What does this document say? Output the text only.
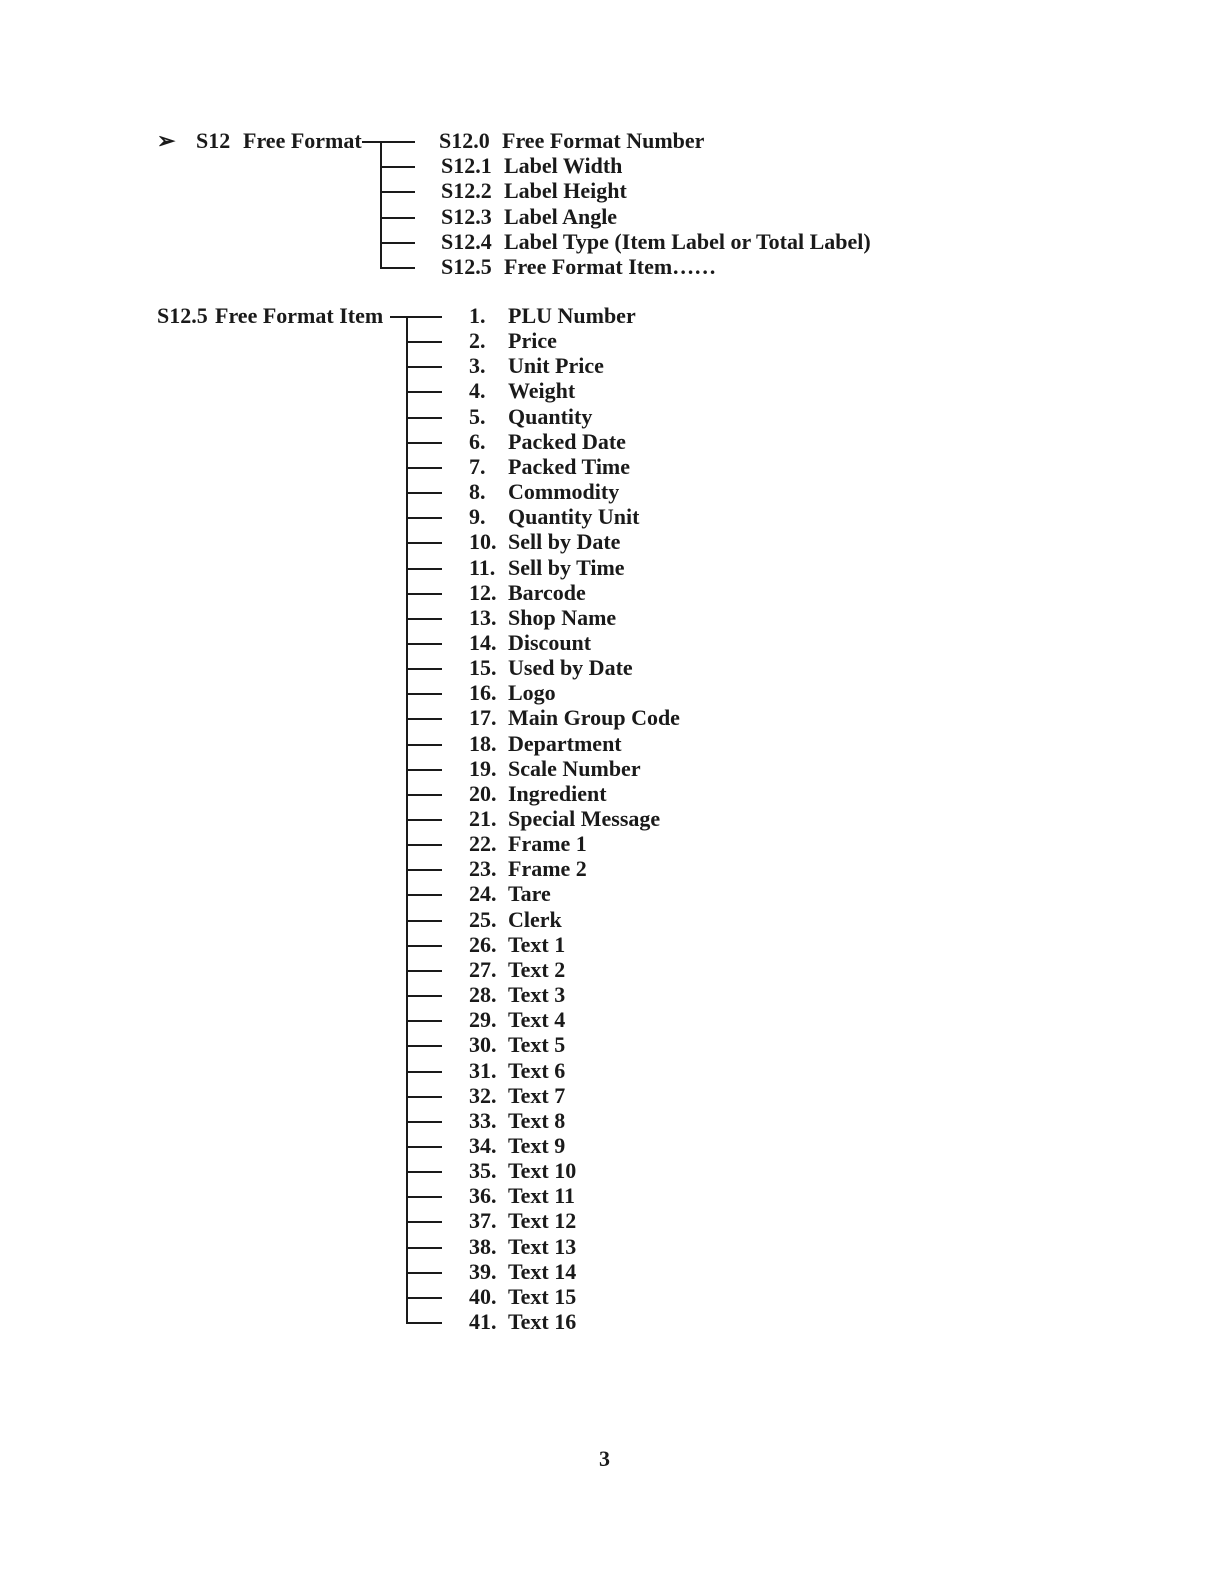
➢ S12 Free Format	S12.0 Free Format Number
S12.1 Label Width
S12.2 Label Height
S12.3 Label Angle
S12.4 Label Type (Item Label or Total Label)
S12.5 Free Format Item……
S12.5 Free Format Item	1. PLU Number
2. Price
3. Unit Price
4. Weight
5. Quantity
6. Packed Date
7. Packed Time
8. Commodity
9. Quantity Unit
10. Sell by Date
11. Sell by Time
12. Barcode
13. Shop Name
14. Discount
15. Used by Date
16. Logo
17. Main Group Code
18. Department
19. Scale Number
20. Ingredient
21. Special Message
22. Frame 1
23. Frame 2
24. Tare
25. Clerk
26. Text 1
27. Text 2
28. Text 3
29. Text 4
30. Text 5
31. Text 6
32. Text 7
33. Text 8
34. Text 9
35. Text 10
36. Text 11
37. Text 12
38. Text 13
39. Text 14
40. Text 15
41. Text 16
3
